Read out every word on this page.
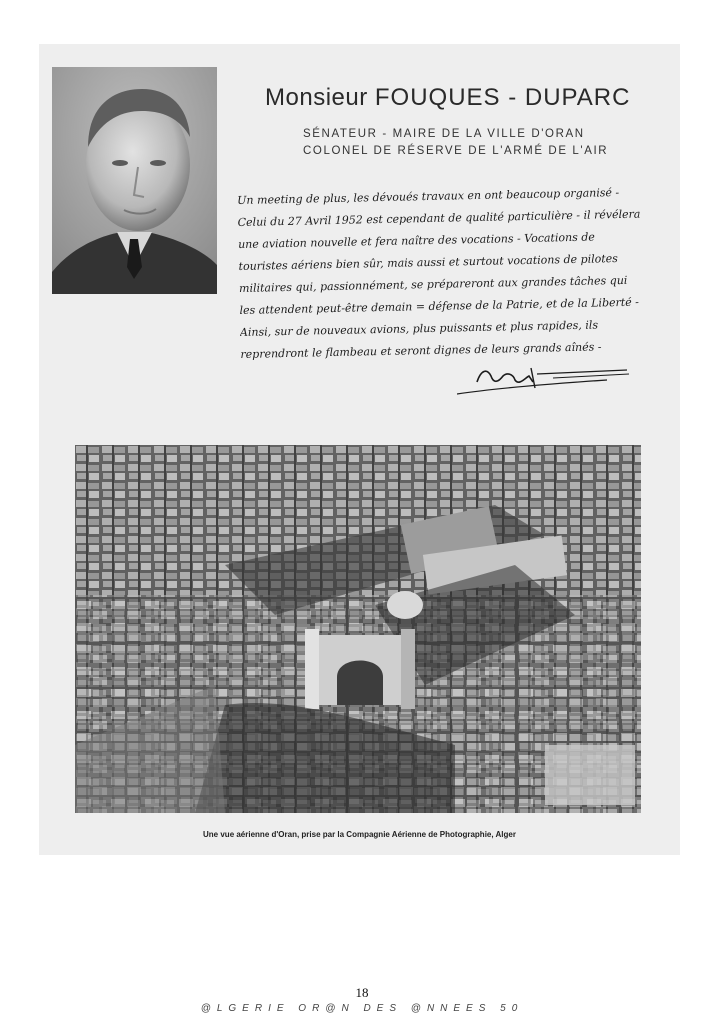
Monsieur FOUQUES - DUPARC
SÉNATEUR - MAIRE DE LA VILLE D'ORAN
COLONEL DE RÉSERVE DE L'ARMÉ DE L'AIR
Un meeting de plus, les dévoués travaux en ont beaucoup organisé -
Celui du 27 Avril 1952 est cependant de qualité particulière - il révélera
une aviation nouvelle et fera naître des vocations - Vocations de
touristes aériens bien sûr, mais aussi et surtout vocations de pilotes
militaires qui, passionnément, se prépareront aux grandes tâches qui
les attendent peut-être demain = défense de la Patrie, et de la Liberté -
Ainsi, sur de nouveaux avions, plus puissants et plus rapides, ils
reprendront le flambeau et seront dignes de leurs grands aînés -
Une vue aérienne d'Oran, prise par la Compagnie Aérienne de Photographie, Alger
18
@LGERIE OR@N DES @NNEES 50
